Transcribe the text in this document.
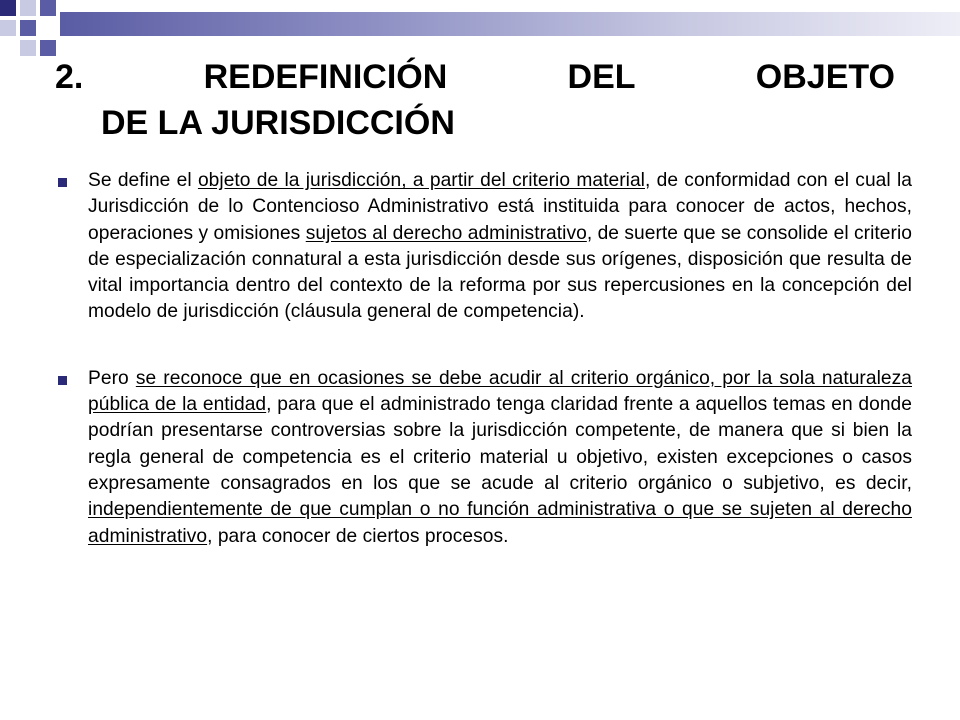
2.	REDEFINICIÓN	DEL	OBJETO
DE LA JURISDICCIÓN
Se define el objeto de la jurisdicción, a partir del criterio material, de conformidad con el cual la Jurisdicción de lo Contencioso Administrativo está instituida para conocer de actos, hechos, operaciones y omisiones sujetos al derecho administrativo, de suerte que se consolide el criterio de especialización connatural a esta jurisdicción desde sus orígenes, disposición que resulta de vital importancia dentro del contexto de la reforma por sus repercusiones en la concepción del modelo de jurisdicción (cláusula general de competencia).
Pero se reconoce que en ocasiones se debe acudir al criterio orgánico, por la sola naturaleza pública de la entidad, para que el administrado tenga claridad frente a aquellos temas en donde podrían presentarse controversias sobre la jurisdicción competente, de manera que si bien la regla general de competencia es el criterio material u objetivo, existen excepciones o casos expresamente consagrados en los que se acude al criterio orgánico o subjetivo, es decir, independientemente de que cumplan o no función administrativa o que se sujeten al derecho administrativo, para conocer de ciertos procesos.
